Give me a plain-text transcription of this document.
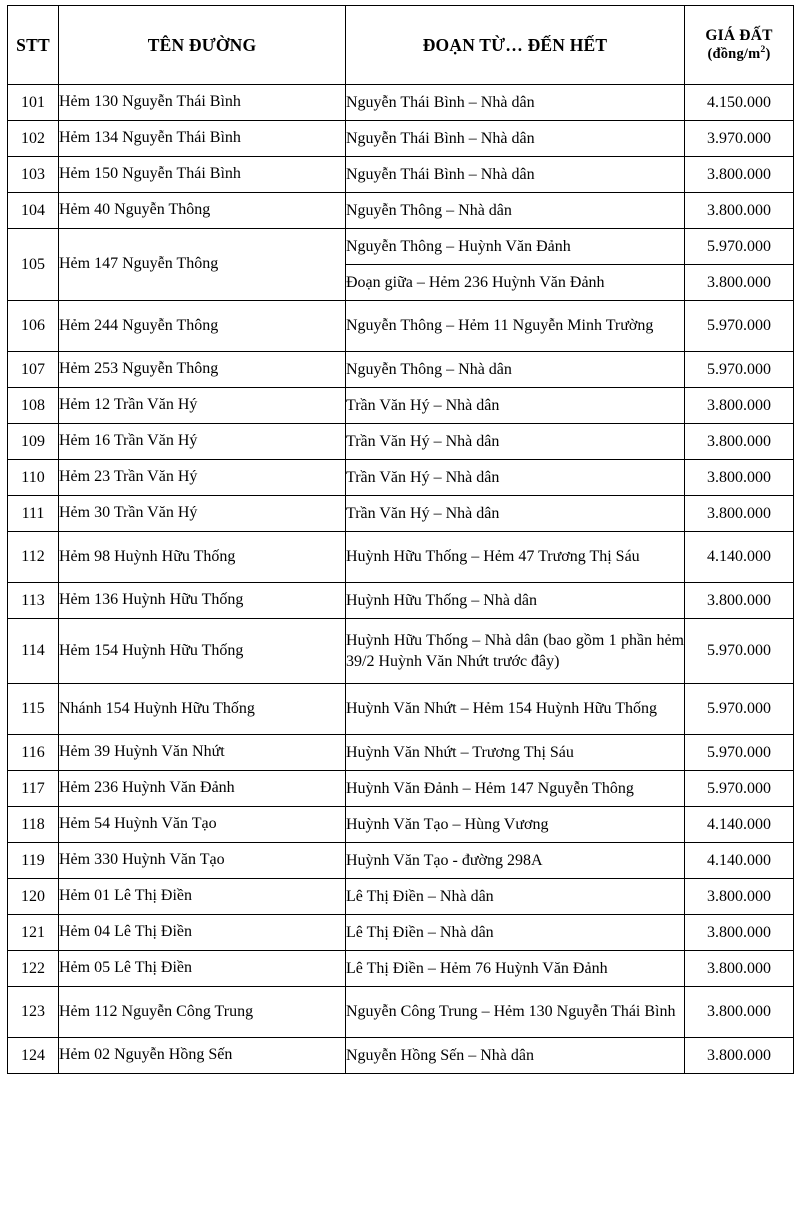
STT	TÊN ĐƯỜNG	ĐOẠN TỪ… ĐẾN HẾT	GIÁ ĐẤT
$(đồng/m^2)$

101	Hẻm 130 Nguyễn Thái Bình	Nguyễn Thái Bình – Nhà dân	4.150.000
102	Hẻm 134 Nguyễn Thái Bình	Nguyễn Thái Bình – Nhà dân	3.970.000
103	Hẻm 150 Nguyễn Thái Bình	Nguyễn Thái Bình – Nhà dân	3.800.000
104	Hẻm 40 Nguyễn Thông	Nguyễn Thông – Nhà dân	3.800.000
105	Hẻm 147 Nguyễn Thông	Nguyễn Thông – Huỳnh Văn Đảnh	5.970.000
		Đoạn giữa – Hẻm 236 Huỳnh Văn Đảnh	3.800.000
106	Hẻm 244 Nguyễn Thông	Nguyễn Thông – Hẻm 11 Nguyễn Minh Trường	5.970.000
107	Hẻm 253 Nguyễn Thông	Nguyễn Thông – Nhà dân	5.970.000
108	Hẻm 12 Trần Văn Hý	Trần Văn Hý – Nhà dân	3.800.000
109	Hẻm 16 Trần Văn Hý	Trần Văn Hý – Nhà dân	3.800.000
110	Hẻm 23 Trần Văn Hý	Trần Văn Hý – Nhà dân	3.800.000
111	Hẻm 30 Trần Văn Hý	Trần Văn Hý – Nhà dân	3.800.000
112	Hẻm 98 Huỳnh Hữu Thống	Huỳnh Hữu Thống – Hẻm 47 Trương Thị Sáu	4.140.000
113	Hẻm 136 Huỳnh Hữu Thống	Huỳnh Hữu Thống – Nhà dân	3.800.000
114	Hẻm 154 Huỳnh Hữu Thống	Huỳnh Hữu Thống – Nhà dân (bao gồm 1 phần hẻm 39/2 Huỳnh Văn Nhứt trước đây)	5.970.000
115	Nhánh 154 Huỳnh Hữu Thống	Huỳnh Văn Nhứt – Hẻm 154 Huỳnh Hữu Thống	5.970.000
116	Hẻm 39 Huỳnh Văn Nhứt	Huỳnh Văn Nhứt – Trương Thị Sáu	5.970.000
117	Hẻm 236 Huỳnh Văn Đảnh	Huỳnh Văn Đảnh – Hẻm 147 Nguyễn Thông	5.970.000
118	Hẻm 54 Huỳnh Văn Tạo	Huỳnh Văn Tạo – Hùng Vương	4.140.000
119	Hẻm 330 Huỳnh Văn Tạo	Huỳnh Văn Tạo - đường 298A	4.140.000
120	Hẻm 01 Lê Thị Điền	Lê Thị Điền – Nhà dân	3.800.000
121	Hẻm 04 Lê Thị Điền	Lê Thị Điền – Nhà dân	3.800.000
122	Hẻm 05 Lê Thị Điền	Lê Thị Điền – Hẻm 76 Huỳnh Văn Đảnh	3.800.000
123	Hẻm 112 Nguyễn Công Trung	Nguyễn Công Trung – Hẻm 130 Nguyễn Thái Bình	3.800.000
124	Hẻm 02 Nguyễn Hồng Sến	Nguyễn Hồng Sến – Nhà dân	3.800.000
